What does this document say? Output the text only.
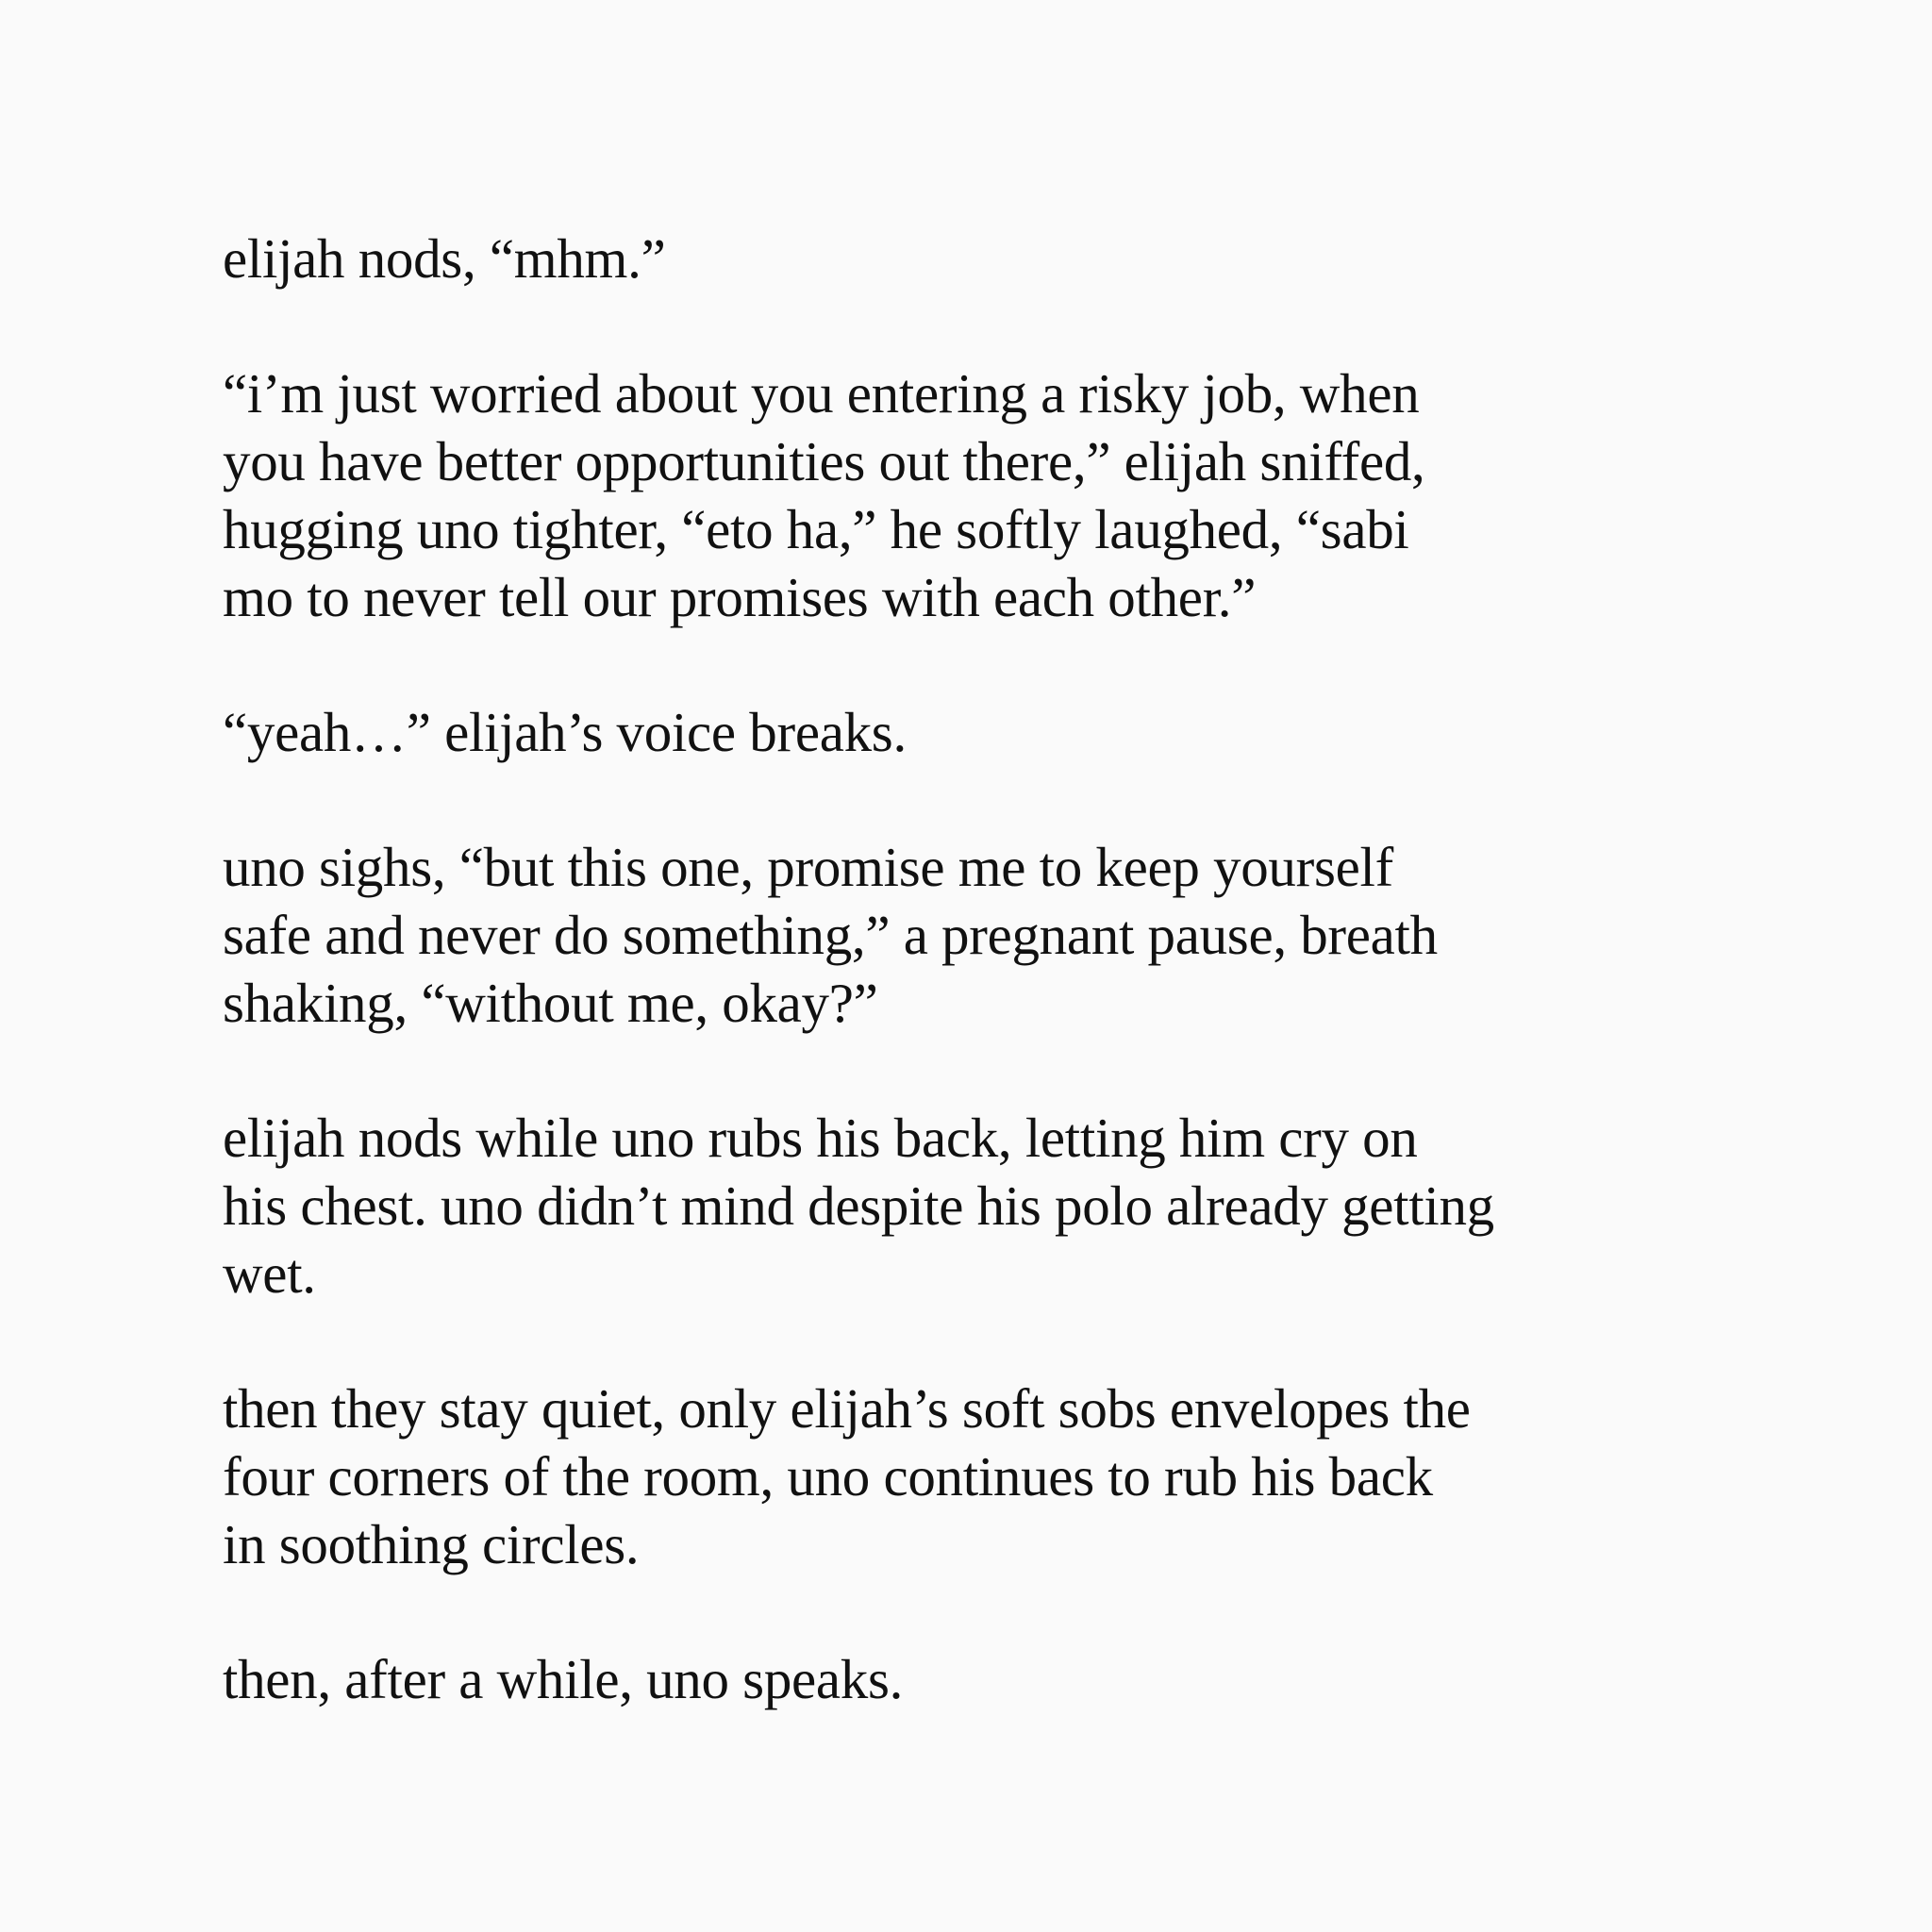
elijah nods, “mhm.”

“i’m just worried about you entering a risky job, when
you have better opportunities out there,” elijah sniffed,
hugging uno tighter, “eto ha,” he softly laughed, “sabi
mo to never tell our promises with each other.”

“yeah…” elijah’s voice breaks.

uno sighs, “but this one, promise me to keep yourself
safe and never do something,” a pregnant pause, breath
shaking, “without me, okay?”

elijah nods while uno rubs his back, letting him cry on
his chest. uno didn’t mind despite his polo already getting
wet.

then they stay quiet, only elijah’s soft sobs envelopes the
four corners of the room, uno continues to rub his back
in soothing circles.

then, after a while, uno speaks.
